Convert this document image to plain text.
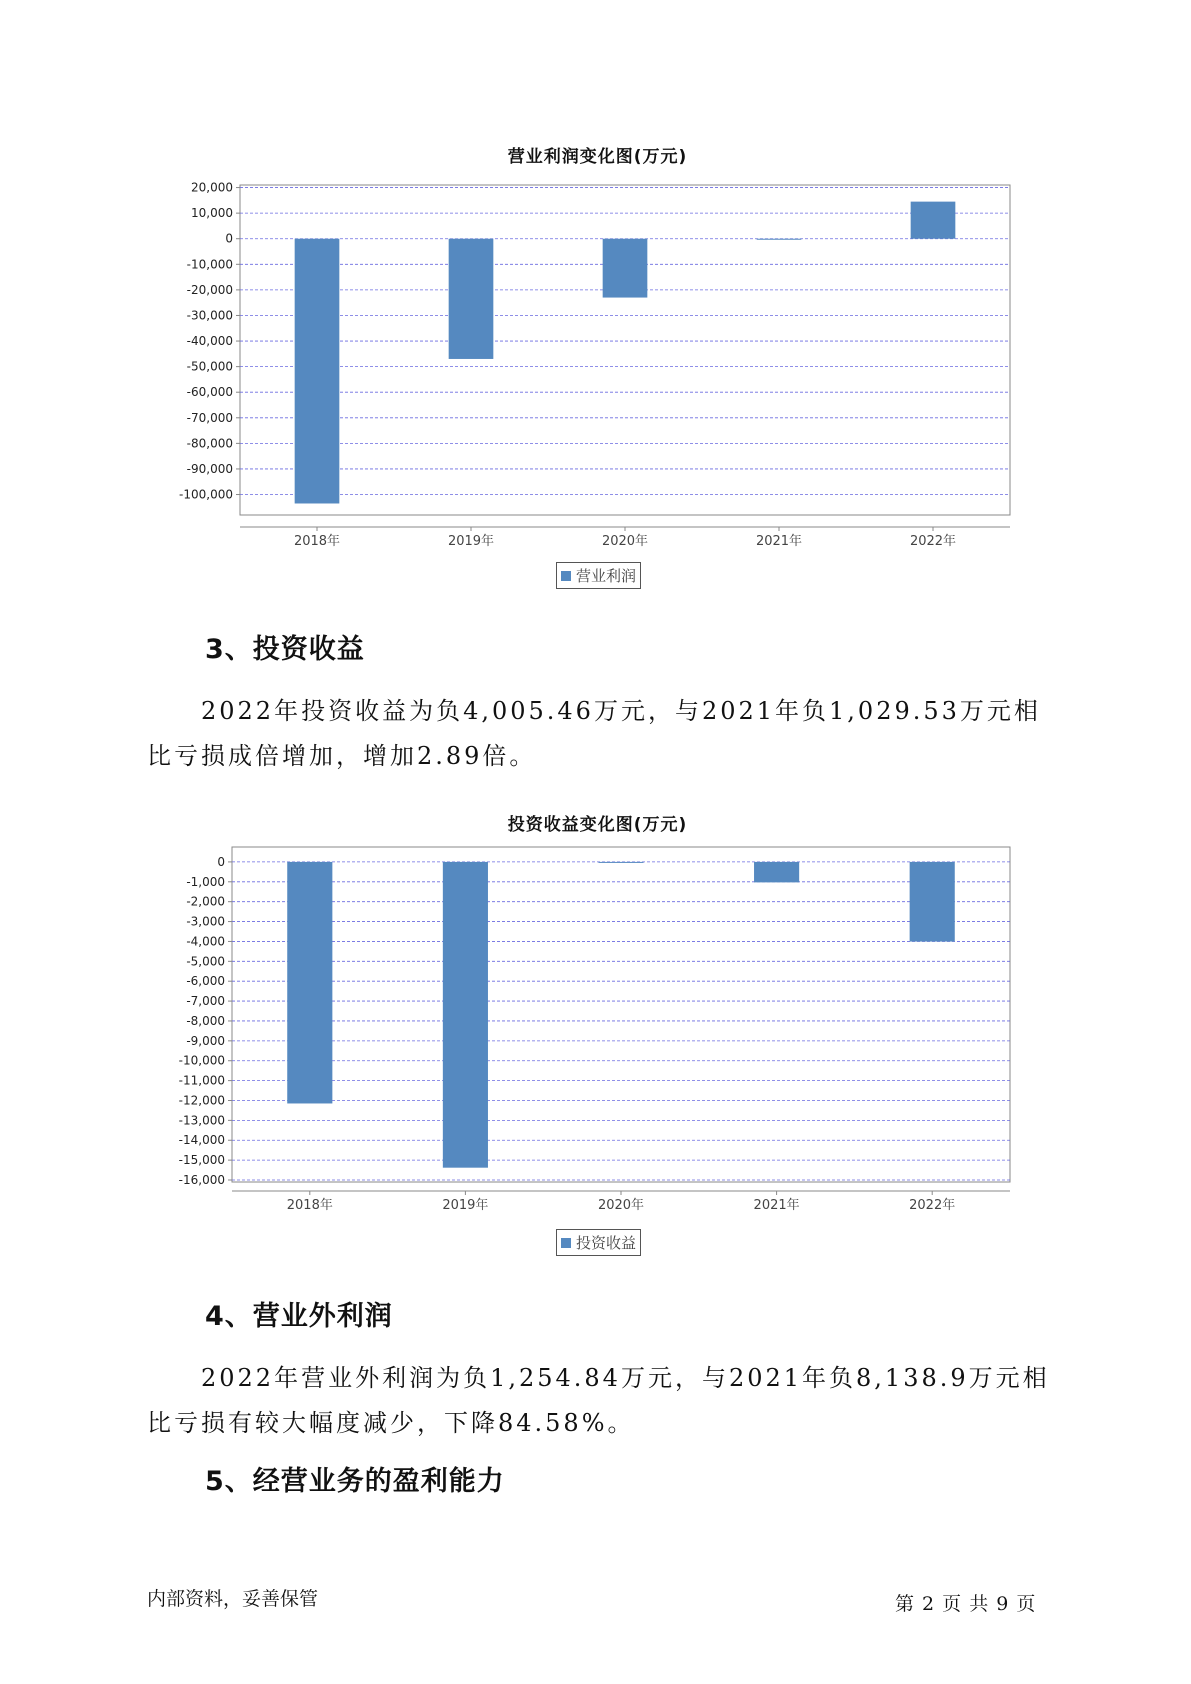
营业利润变化图(万元)
20,000
10,000
0
-10,000
-20,000
-30,000
-40,000
-50,000
-60,000
-70,000
-80,000
-90,000
-100,000
2018年	2019年	2020年	2021年	2022年
营业利润
3、投资收益
2022年投资收益为负4,005.46万元，与2021年负1,029.53万元相比亏损成倍增加，增加2.89倍。
投资收益变化图(万元)
0
-1,000
-2,000
-3,000
-4,000
-5,000
-6,000
-7,000
-8,000
-9,000
-10,000
-11,000
-12,000
-13,000
-14,000
-15,000
-16,000
2018年	2019年	2020年	2021年	2022年
投资收益
4、营业外利润
2022年营业外利润为负1,254.84万元，与2021年负8,138.9万元相比亏损有较大幅度减少，下降84.58%。
5、经营业务的盈利能力
内部资料，妥善保管	第 2 页 共 9 页
